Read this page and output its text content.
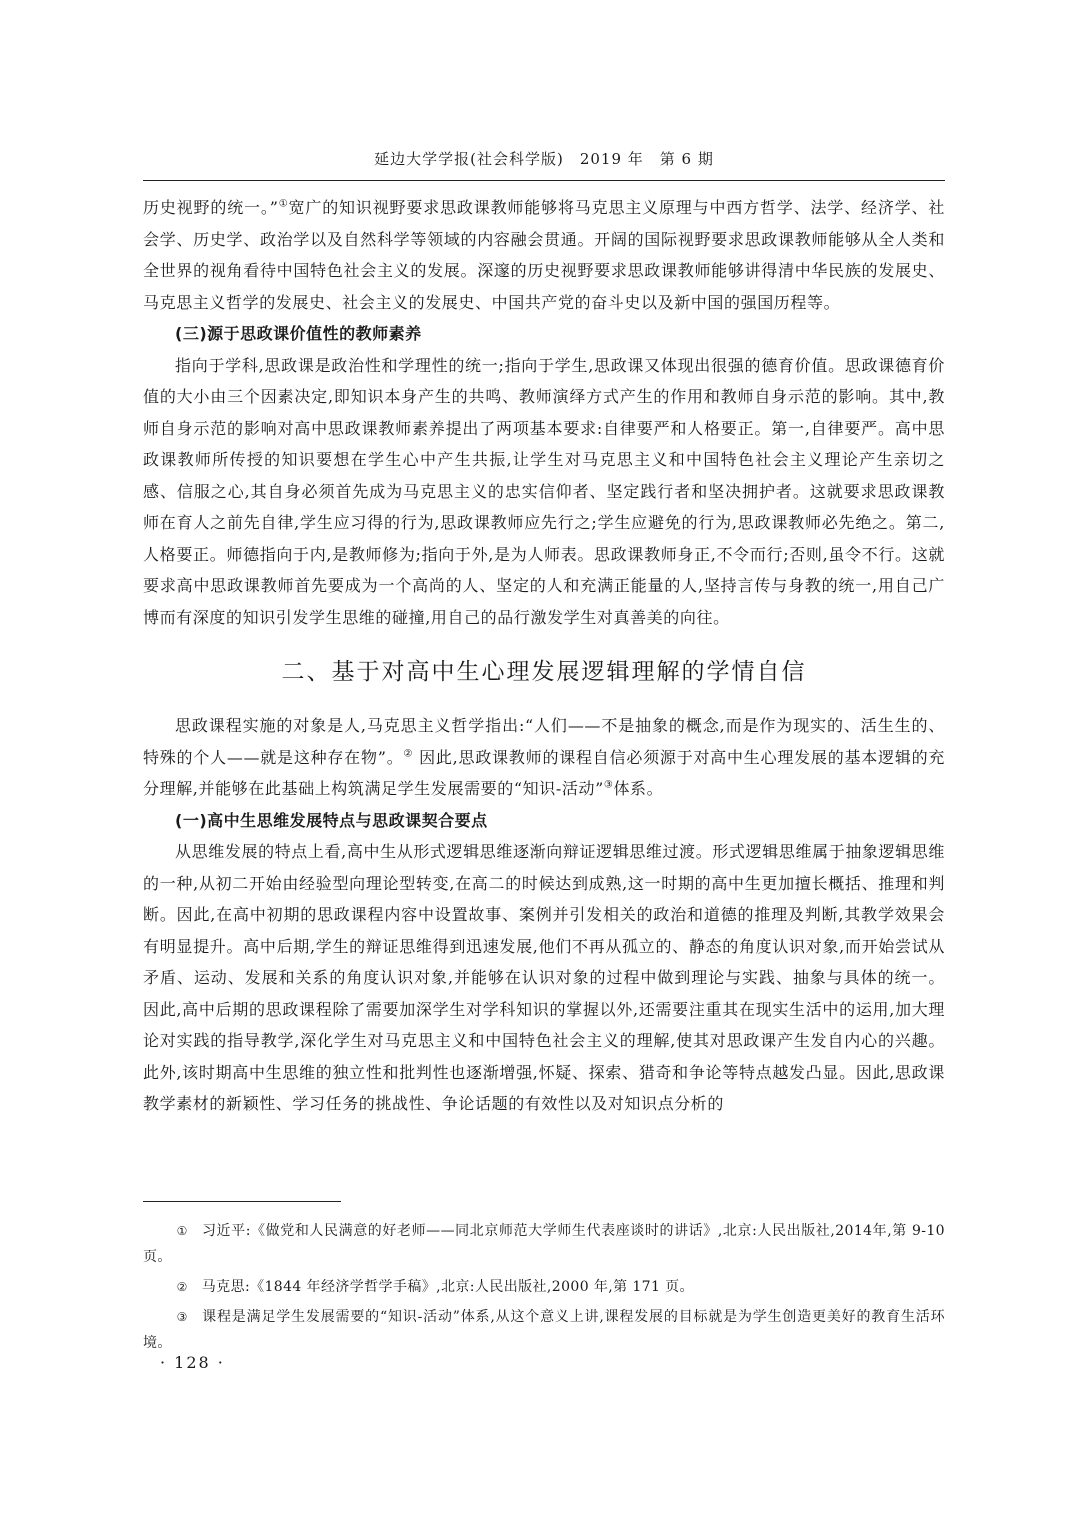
延边大学学报(社会科学版)　2019 年　第 6 期

历史视野的统一。”①宽广的知识视野要求思政课教师能够将马克思主义原理与中西方哲学、法学、经济学、社会学、历史学、政治学以及自然科学等领域的内容融会贯通。开阔的国际视野要求思政课教师能够从全人类和全世界的视角看待中国特色社会主义的发展。深邃的历史视野要求思政课教师能够讲得清中华民族的发展史、马克思主义哲学的发展史、社会主义的发展史、中国共产党的奋斗史以及新中国的强国历程等。

(三)源于思政课价值性的教师素养

指向于学科,思政课是政治性和学理性的统一;指向于学生,思政课又体现出很强的德育价值。思政课德育价值的大小由三个因素决定,即知识本身产生的共鸣、教师演绎方式产生的作用和教师自身示范的影响。其中,教师自身示范的影响对高中思政课教师素养提出了两项基本要求:自律要严和人格要正。第一,自律要严。高中思政课教师所传授的知识要想在学生心中产生共振,让学生对马克思主义和中国特色社会主义理论产生亲切之感、信服之心,其自身必须首先成为马克思主义的忠实信仰者、坚定践行者和坚决拥护者。这就要求思政课教师在育人之前先自律,学生应习得的行为,思政课教师应先行之;学生应避免的行为,思政课教师必先绝之。第二,人格要正。师德指向于内,是教师修为;指向于外,是为人师表。思政课教师身正,不令而行;否则,虽令不行。这就要求高中思政课教师首先要成为一个高尚的人、坚定的人和充满正能量的人,坚持言传与身教的统一,用自己广博而有深度的知识引发学生思维的碰撞,用自己的品行激发学生对真善美的向往。

二、基于对高中生心理发展逻辑理解的学情自信

思政课程实施的对象是人,马克思主义哲学指出:“人们——不是抽象的概念,而是作为现实的、活生生的、特殊的个人——就是这种存在物”。② 因此,思政课教师的课程自信必须源于对高中生心理发展的基本逻辑的充分理解,并能够在此基础上构筑满足学生发展需要的“知识-活动”③体系。

(一)高中生思维发展特点与思政课契合要点

从思维发展的特点上看,高中生从形式逻辑思维逐渐向辩证逻辑思维过渡。形式逻辑思维属于抽象逻辑思维的一种,从初二开始由经验型向理论型转变,在高二的时候达到成熟,这一时期的高中生更加擅长概括、推理和判断。因此,在高中初期的思政课程内容中设置故事、案例并引发相关的政治和道德的推理及判断,其教学效果会有明显提升。高中后期,学生的辩证思维得到迅速发展,他们不再从孤立的、静态的角度认识对象,而开始尝试从矛盾、运动、发展和关系的角度认识对象,并能够在认识对象的过程中做到理论与实践、抽象与具体的统一。因此,高中后期的思政课程除了需要加深学生对学科知识的掌握以外,还需要注重其在现实生活中的运用,加大理论对实践的指导教学,深化学生对马克思主义和中国特色社会主义的理解,使其对思政课产生发自内心的兴趣。此外,该时期高中生思维的独立性和批判性也逐渐增强,怀疑、探索、猎奇和争论等特点越发凸显。因此,思政课教学素材的新颖性、学习任务的挑战性、争论话题的有效性以及对知识点分析的

① 习近平:《做党和人民满意的好老师——同北京师范大学师生代表座谈时的讲话》,北京:人民出版社,2014年,第 9-10 页。
② 马克思:《1844 年经济学哲学手稿》,北京:人民出版社,2000 年,第 171 页。
③ 课程是满足学生发展需要的“知识-活动”体系,从这个意义上讲,课程发展的目标就是为学生创造更美好的教育生活环境。
· 128 ·
